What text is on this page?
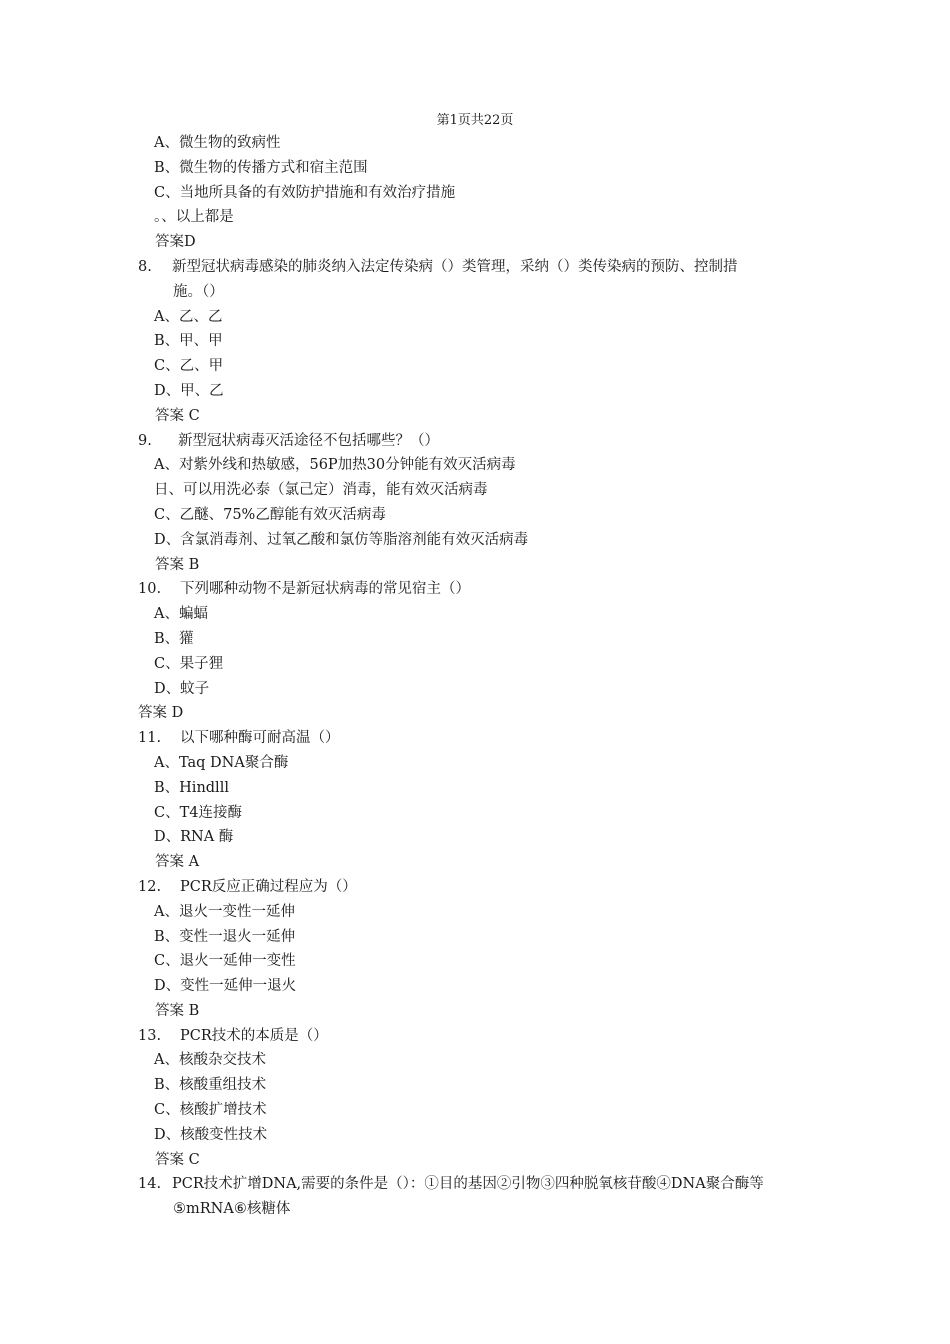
第1页共22页
A、微生物的致病性
B、微生物的传播方式和宿主范围
C、当地所具备的有效防护措施和有效治疗措施
。、以上都是
答案D
8.	新型冠状病毒感染的肺炎纳入法定传染病（）类管理，采纳（）类传染病的预防、控制措
施。（）
A、乙、乙
B、甲、甲
C、乙、甲
D、甲、乙
答案 C
9.	新型冠状病毒灭活途径不包括哪些？（）
A、对紫外线和热敏感，56P加热30分钟能有效灭活病毒
日、可以用洗必泰（氯己定）消毒，能有效灭活病毒
C、乙醚、75%乙醇能有效灭活病毒
D、含氯消毒剂、过氧乙酸和氯仿等脂溶剂能有效灭活病毒
答案 B
10.	下列哪种动物不是新冠状病毒的常见宿主（）
A、蝙蝠
B、獾
C、果子狸
D、蚊子
答案 D
11.	以下哪种酶可耐高温（）
A、Taq DNA聚合酶
B、Hindlll
C、T4连接酶
D、RNA 酶
答案 A
12.	PCR反应正确过程应为（）
A、退火一变性一延伸
B、变性一退火一延伸
C、退火一延伸一变性
D、变性一延伸一退火
答案 B
13.	PCR技术的本质是（）
A、核酸杂交技术
B、核酸重组技术
C、核酸扩增技术
D、核酸变性技术
答案 C
14. PCR技术扩增DNA,需要的条件是（）：①目的基因②引物③四种脱氧核苷酸④DNA聚合酶等
⑤mRNA⑥核糖体
